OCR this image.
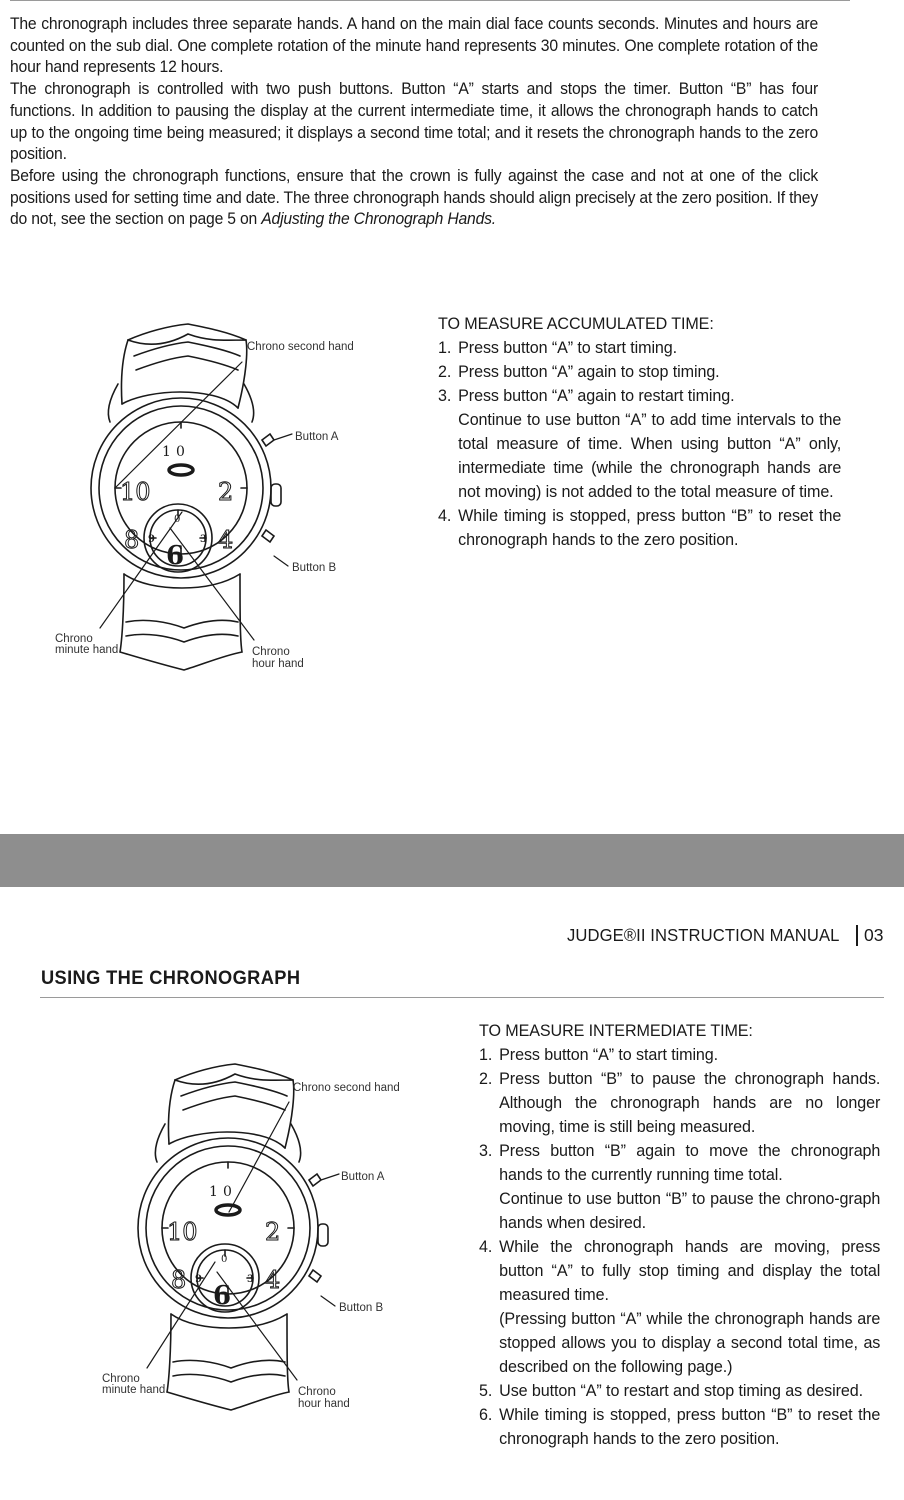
The chronograph includes three separate hands. A hand on the main dial face counts seconds. Minutes and hours are counted on the sub dial. One complete rotation of the minute hand represents 30 minutes. One complete rotation of the hour hand represents 12 hours.

The chronograph is controlled with two push buttons. Button “A” starts and stops the timer. Button “B” has four functions. In addition to pausing the display at the current intermediate time, it allows the chronograph hands to catch up to the ongoing time being measured; it displays a second time total; and it resets the chronograph hands to the zero position.

Before using the chronograph functions, ensure that the crown is fully against the case and not at one of the click positions used for setting time and date. The three chronograph hands should align precisely at the zero position. If they do not, see the section on page 5 on Adjusting the Chronograph Hands.

1 0
10	2
8	4
6
9	3
0
Chrono second hand
Button A
Button B
Chrono
minute hand	Chrono
hour hand

TO MEASURE ACCUMULATED TIME:

1. Press button “A” to start timing.
2. Press button “A” again to stop timing.
3. Press button “A” again to restart timing.
Continue to use button “A” to add time intervals to the total measure of time. When using button “A” only, intermediate time (while the chronograph hands are not moving) is not added to the total measure of time.
4. While timing is stopped, press button “B” to reset the chronograph hands to the zero position.
JUDGE®II INSTRUCTION MANUAL	03
USING THE CHRONOGRAPH
1 0
10	2
8	4
6
9	3
0
Chrono second hand
Button A
Button B
Chrono
minute hand	Chrono
hour hand

TO MEASURE INTERMEDIATE TIME:

1. Press button “A” to start timing.
2. Press button “B” to pause the chronograph hands. Although the chronograph hands are no longer moving, time is still being measured.
3. Press button “B” again to move the chronograph hands to the currently running time total.
Continue to use button “B” to pause the chrono-graph hands when desired.
4. While the chronograph hands are moving, press button “A” to fully stop timing and display the total measured time.
(Pressing button “A” while the chronograph hands are stopped allows you to display a second total time, as described on the following page.)
5. Use button “A” to restart and stop timing as desired.
6. While timing is stopped, press button “B” to reset the chronograph hands to the zero position.
